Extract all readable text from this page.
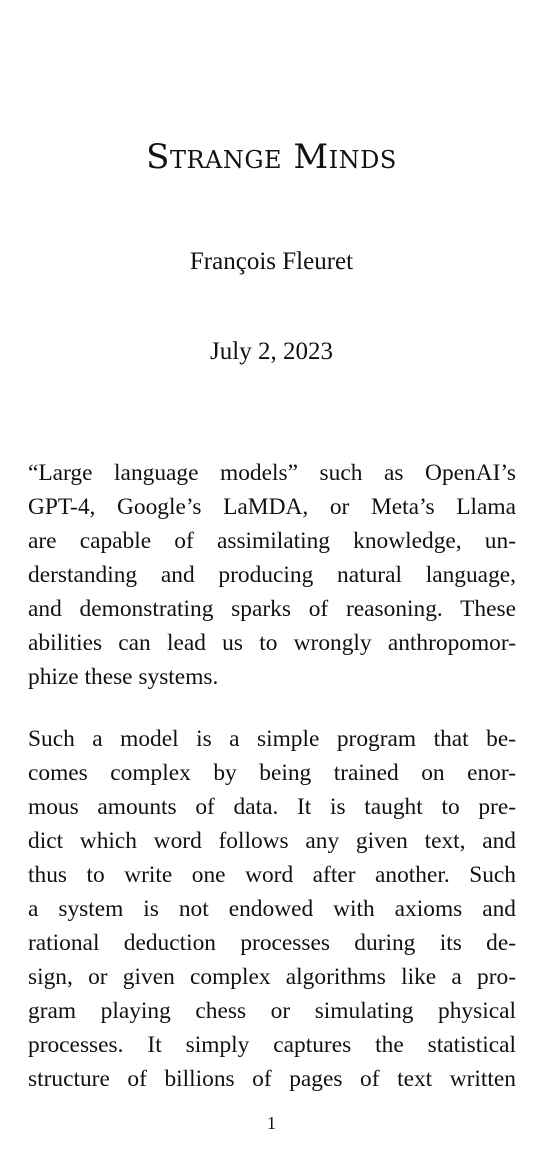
Strange Minds
François Fleuret
July 2, 2023
“Large language models” such as OpenAI’s
GPT-4, Google’s LaMDA, or Meta’s Llama
are capable of assimilating knowledge, un-
derstanding and producing natural language,
and demonstrating sparks of reasoning. These
abilities can lead us to wrongly anthropomor-
phize these systems.
Such a model is a simple program that be-
comes complex by being trained on enor-
mous amounts of data. It is taught to pre-
dict which word follows any given text, and
thus to write one word after another. Such
a system is not endowed with axioms and
rational deduction processes during its de-
sign, or given complex algorithms like a pro-
gram playing chess or simulating physical
processes. It simply captures the statistical
structure of billions of pages of text written
1
